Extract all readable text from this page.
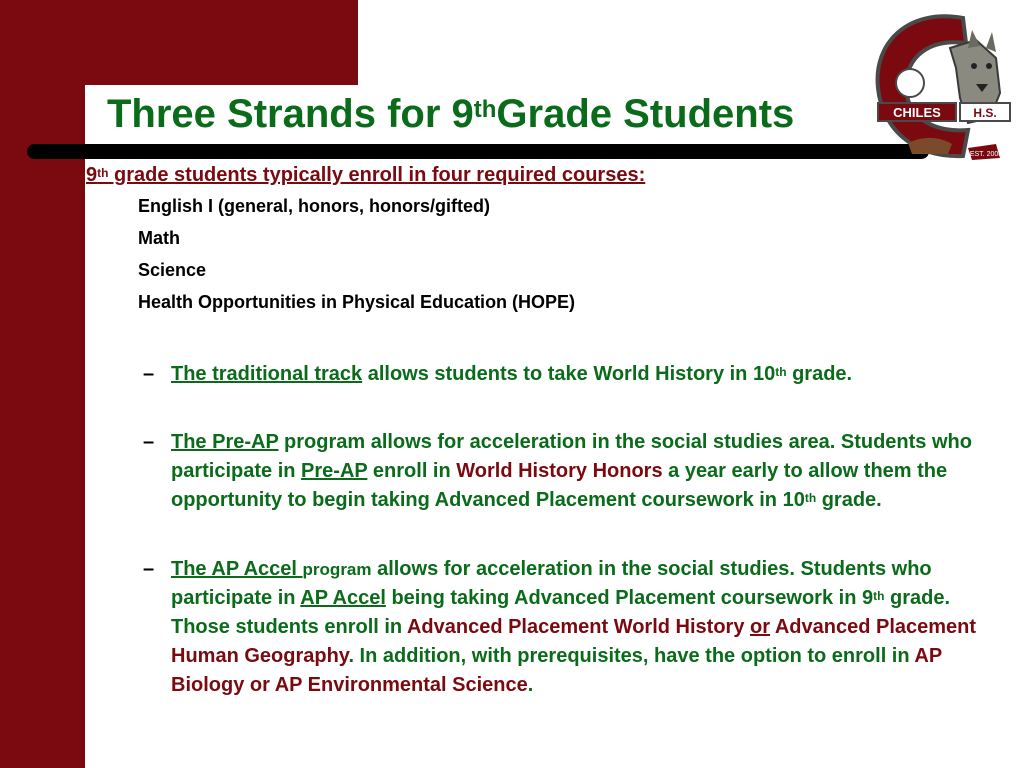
Three Strands for 9thGrade Students	CHILES	H.S.
EST. 2000

9th grade students typically enroll in four required courses:

English I (general, honors, honors/gifted)

Math

Science

Health Opportunities in Physical Education (HOPE)

– The traditional track allows students to take World History in 10th grade.
– The Pre-AP program allows for acceleration in the social studies area. Students who participate in Pre-AP enroll in World History Honors a year early to allow them the opportunity to begin taking Advanced Placement coursework in 10th grade.
– The AP Accel program allows for acceleration in the social studies. Students who participate in AP Accel being taking Advanced Placement coursework in 9th grade. Those students enroll in Advanced Placement World History or Advanced Placement Human Geography. In addition, with prerequisites, have the option to enroll in AP Biology or AP Environmental Science.
